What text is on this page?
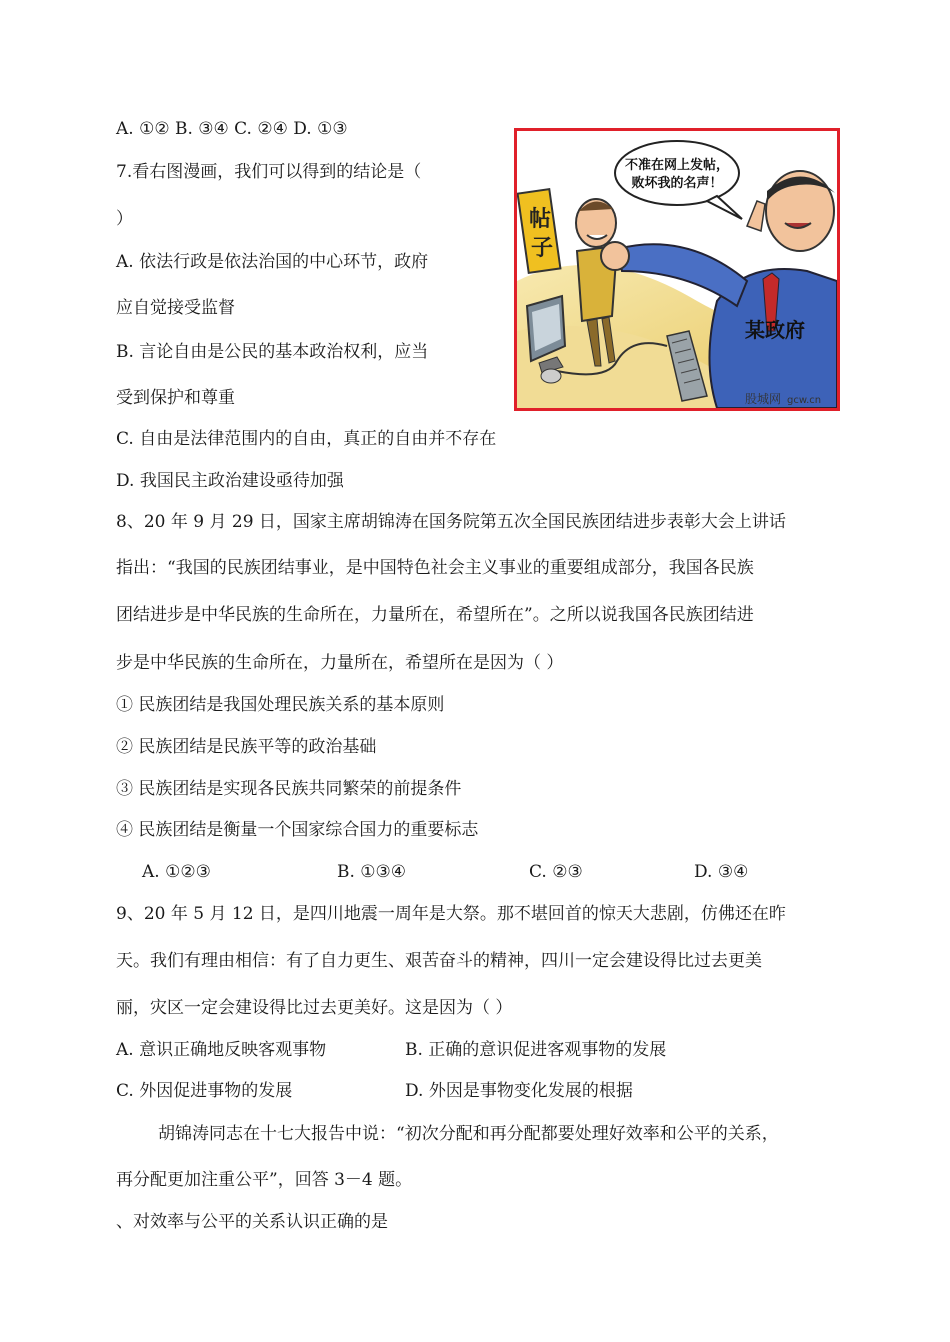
A. ①② B. ③④ C. ②④ D. ①③
7.看右图漫画，我们可以得到的结论是（
）
A. 依法行政是依法治国的中心环节，政府
应自觉接受监督
B. 言论自由是公民的基本政治权利，应当
受到保护和尊重
C. 自由是法律范围内的自由，真正的自由并不存在
D. 我国民主政治建设亟待加强
帖
子
不准在网上发帖，
败坏我的名声！
某政府
股城网 gcw.cn
8、20 年 9 月 29 日，国家主席胡锦涛在国务院第五次全国民族团结进步表彰大会上讲话
指出：“我国的民族团结事业，是中国特色社会主义事业的重要组成部分，我国各民族
团结进步是中华民族的生命所在，力量所在，希望所在”。之所以说我国各民族团结进
步是中华民族的生命所在，力量所在，希望所在是因为（ ）
① 民族团结是我国处理民族关系的基本原则
② 民族团结是民族平等的政治基础
③ 民族团结是实现各民族共同繁荣的前提条件
④ 民族团结是衡量一个国家综合国力的重要标志
A. ①②③	B. ①③④	C. ②③	D. ③④
9、20 年 5 月 12 日，是四川地震一周年是大祭。那不堪回首的惊天大悲剧，仿佛还在昨
天。我们有理由相信：有了自力更生、艰苦奋斗的精神，四川一定会建设得比过去更美
丽，灾区一定会建设得比过去更美好。这是因为（ ）
A. 意识正确地反映客观事物	B. 正确的意识促进客观事物的发展
C. 外因促进事物的发展	D. 外因是事物变化发展的根据
胡锦涛同志在十七大报告中说：“初次分配和再分配都要处理好效率和公平的关系，
再分配更加注重公平”，回答 3－4 题。
、对效率与公平的关系认识正确的是
